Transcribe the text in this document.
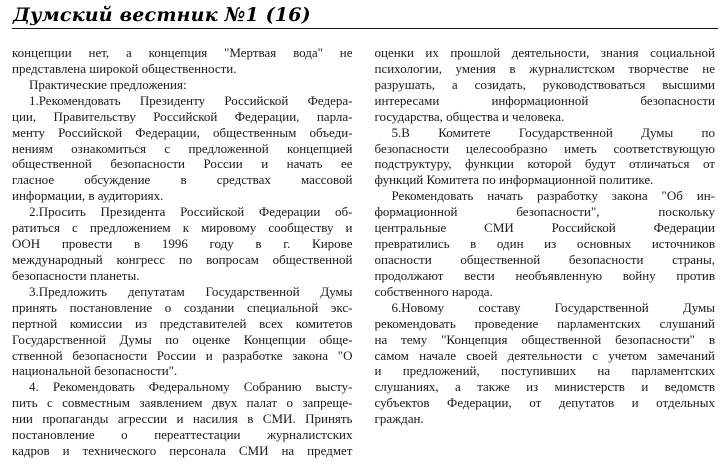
Думский вестник №1 (16)
концепции нет, а концепция "Мертвая вода" не
представлена широкой общественности.
Практические предложения:
1.Рекомендовать Президенту Российской Федера-
ции, Правительству Российской Федерации, парла-
менту Российской Федерации, общественным объеди-
нениям ознакомиться с предложенной концепцией
общественной безопасности России и начать ее
гласное обсуждение в средствах массовой
информации, в аудиториях.
2.Просить Президента Российской Федерации об-
ратиться с предложением к мировому сообществу и
ООН провести в 1996 году в г. Кирове
международный конгресс по вопросам общественной
безопасности планеты.
3.Предложить депутатам Государственной Думы
принять постановление о создании специальной экс-
пертной комиссии из представителей всех комитетов
Государственной Думы по оценке Концепции обще-
ственной безопасности России и разработке закона "О
национальной безопасности".
4. Рекомендовать Федеральному Собранию высту-
пить с совместным заявлением двух палат о запреще-
нии пропаганды агрессии и насилия в СМИ. Принять
постановление о переаттестации журналистских
кадров и технического персонала СМИ на предмет
оценки их прошлой деятельности, знания социальной
психологии, умения в журналистском творчестве не
разрушать, а созидать, руководствоваться высшими
интересами информационной безопасности
государства, общества и человека.
5.В Комитете Государственной Думы по
безопасности целесообразно иметь соответствующую
подструктуру, функции которой будут отличаться от
функций Комитета по информационной политике.
Рекомендовать начать разработку закона "Об ин-
формационной безопасности", поскольку
центральные СМИ Российской Федерации
превратились в один из основных источников
опасности общественной безопасности страны,
продолжают вести необъявленную войну против
собственного народа.
6.Новому составу Государственной Думы
рекомендовать проведение парламентских слушаний
на тему "Концепция общественной безопасности" в
самом начале своей деятельности с учетом замечаний
и предложений, поступивших на парламентских
слушаниях, а также из министерств и ведомств
субъектов Федерации, от депутатов и отдельных
граждан.
